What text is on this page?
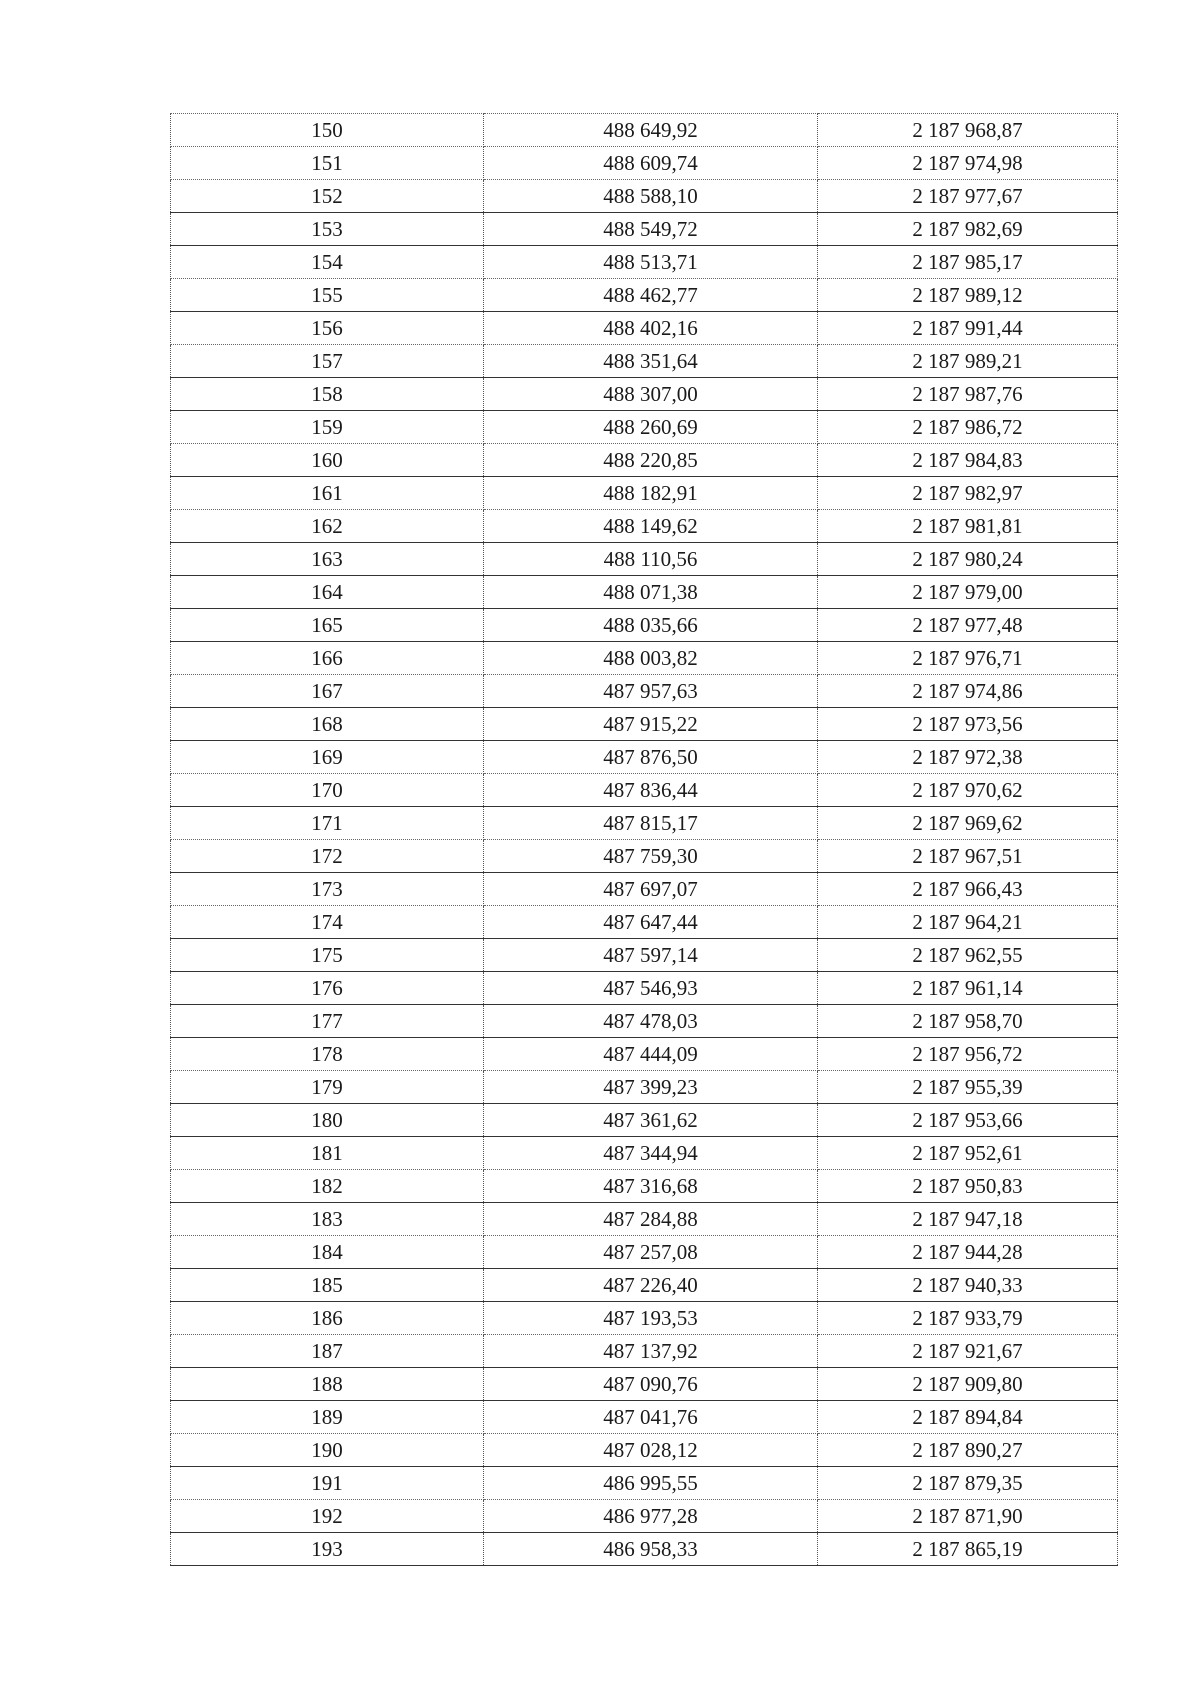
150	488 649,92	2 187 968,87
151	488 609,74	2 187 974,98
152	488 588,10	2 187 977,67
153	488 549,72	2 187 982,69
154	488 513,71	2 187 985,17
155	488 462,77	2 187 989,12
156	488 402,16	2 187 991,44
157	488 351,64	2 187 989,21
158	488 307,00	2 187 987,76
159	488 260,69	2 187 986,72
160	488 220,85	2 187 984,83
161	488 182,91	2 187 982,97
162	488 149,62	2 187 981,81
163	488 110,56	2 187 980,24
164	488 071,38	2 187 979,00
165	488 035,66	2 187 977,48
166	488 003,82	2 187 976,71
167	487 957,63	2 187 974,86
168	487 915,22	2 187 973,56
169	487 876,50	2 187 972,38
170	487 836,44	2 187 970,62
171	487 815,17	2 187 969,62
172	487 759,30	2 187 967,51
173	487 697,07	2 187 966,43
174	487 647,44	2 187 964,21
175	487 597,14	2 187 962,55
176	487 546,93	2 187 961,14
177	487 478,03	2 187 958,70
178	487 444,09	2 187 956,72
179	487 399,23	2 187 955,39
180	487 361,62	2 187 953,66
181	487 344,94	2 187 952,61
182	487 316,68	2 187 950,83
183	487 284,88	2 187 947,18
184	487 257,08	2 187 944,28
185	487 226,40	2 187 940,33
186	487 193,53	2 187 933,79
187	487 137,92	2 187 921,67
188	487 090,76	2 187 909,80
189	487 041,76	2 187 894,84
190	487 028,12	2 187 890,27
191	486 995,55	2 187 879,35
192	486 977,28	2 187 871,90
193	486 958,33	2 187 865,19
